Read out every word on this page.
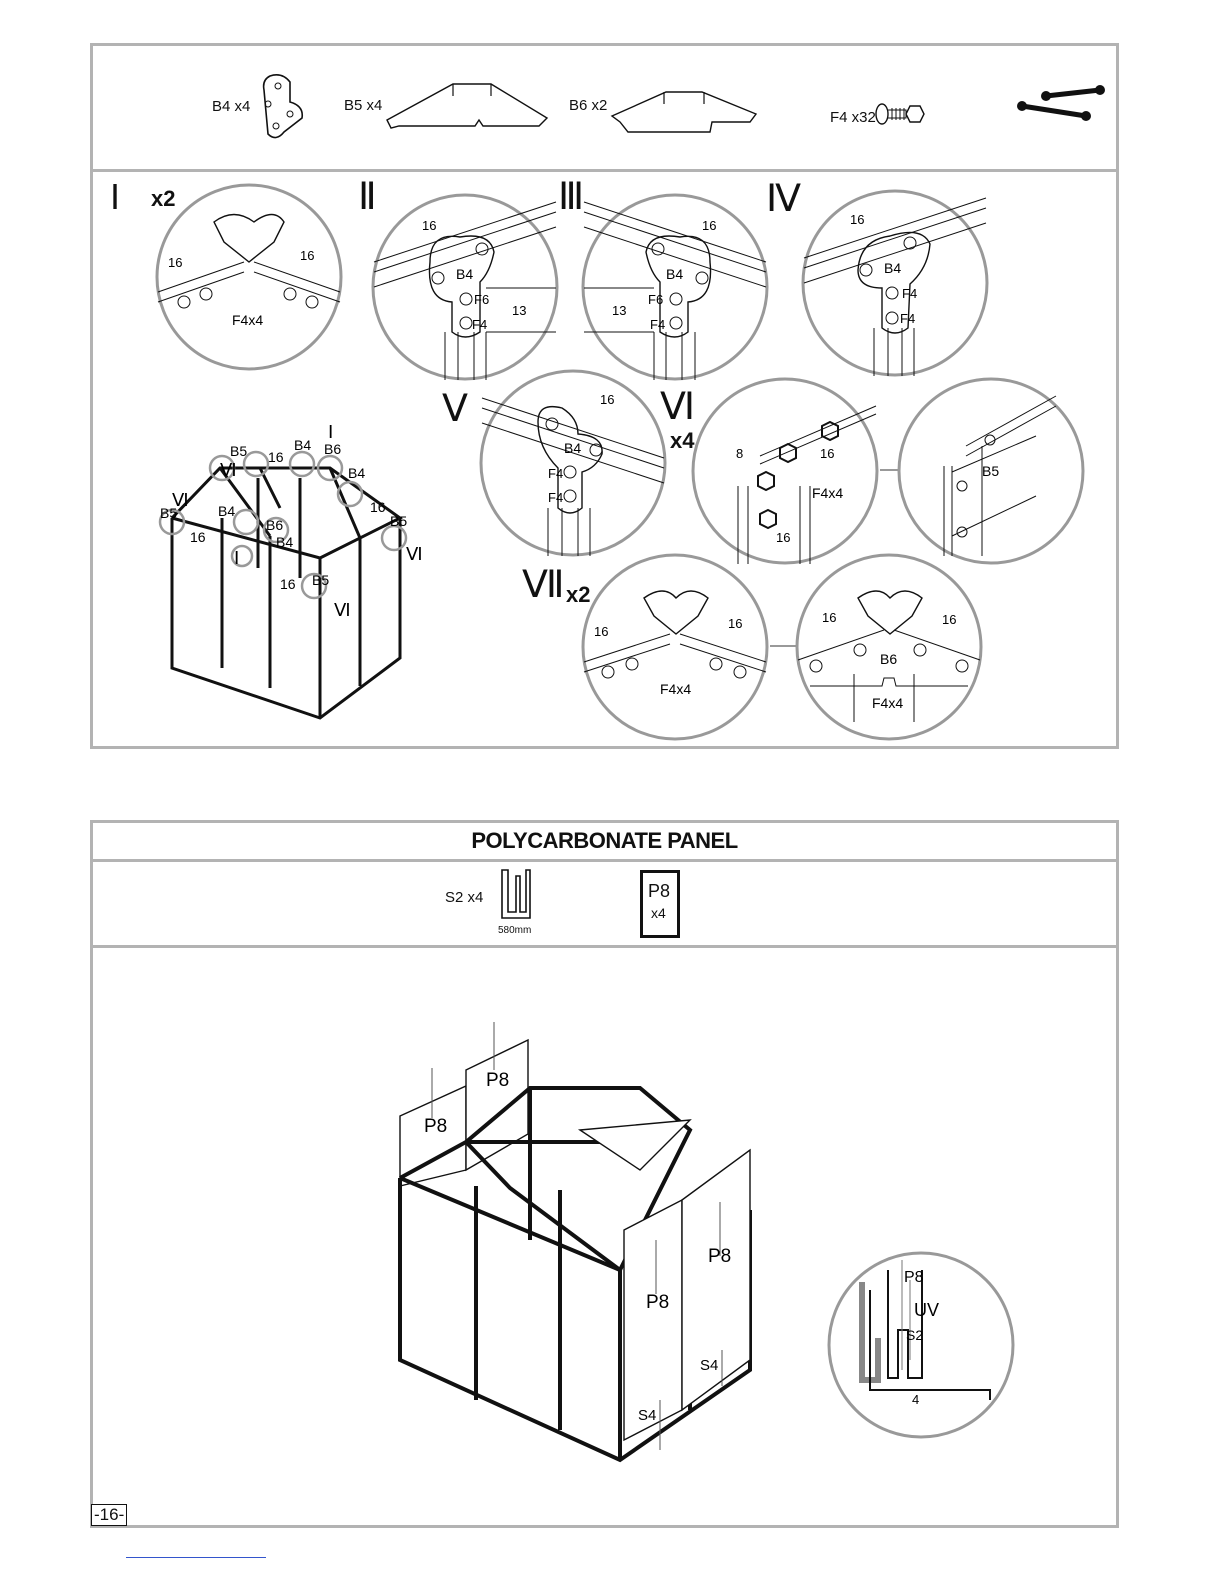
B4 x4	B5 x4	B6 x2
F4 x32
Ⅰ x2
16	16
F4x4
Ⅱ
16
B4
F6
F4
13
Ⅲ
16
B4
F6
F4
13
Ⅳ	16
B4
F4
F4
B5	B4 B6
B4
Ⅰ
Ⅵ
16
Ⅵ
B5
16
B4
B6
B4
16
B5
Ⅰ
16 B5
Ⅵ
Ⅵ
Ⅴ	16
B4
F4
F4
Ⅵ
x4
8	16
F4x4
16
B5
Ⅶ x2
16
16
F4x4
16	16
B6
F4x4
POLYCARBONATE PANEL
S2 x4
580mm
P8
x4
P8
P8
P8
P8
S4
S4
P8
UV
S2
4
-16-
